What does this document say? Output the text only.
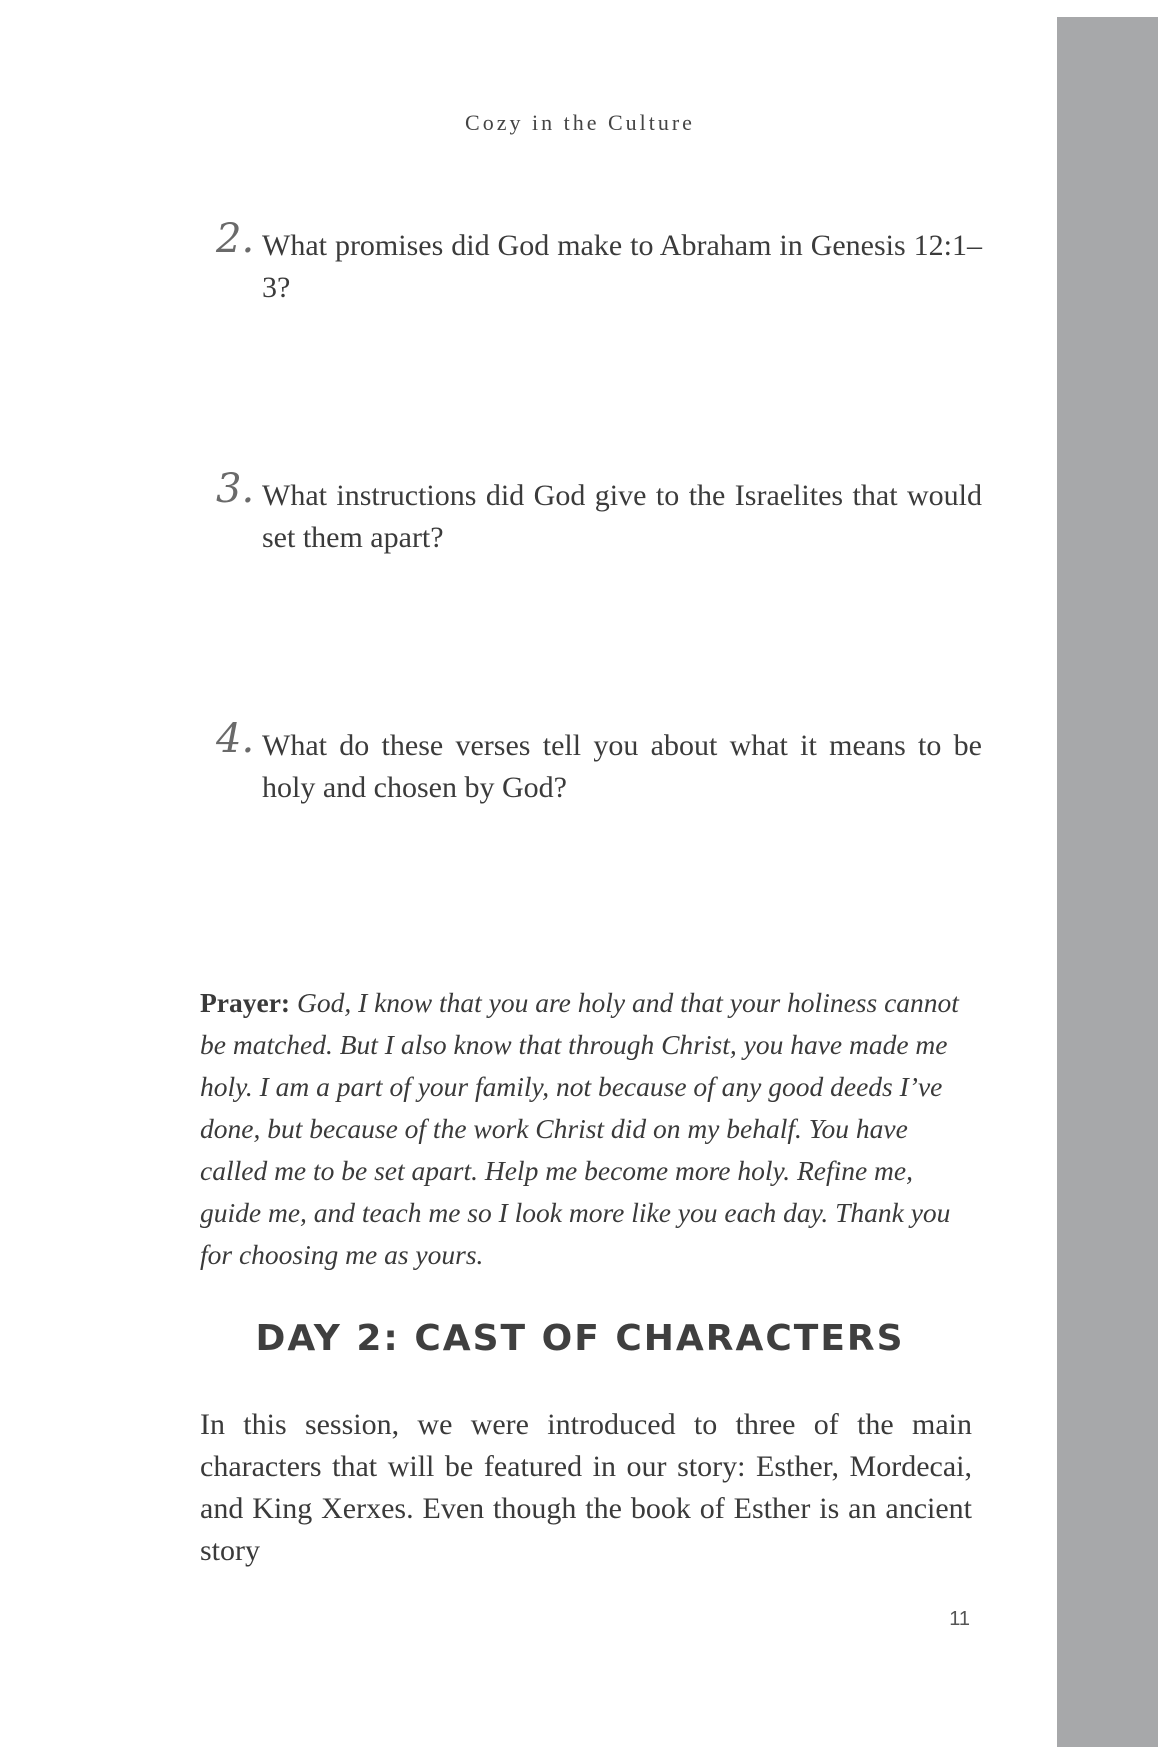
Cozy in the Culture
2. What promises did God make to Abraham in Genesis 12:1–3?
3. What instructions did God give to the Israelites that would set them apart?
4. What do these verses tell you about what it means to be holy and chosen by God?
Prayer: God, I know that you are holy and that your holiness cannot be matched. But I also know that through Christ, you have made me holy. I am a part of your family, not because of any good deeds I’ve done, but because of the work Christ did on my behalf. You have called me to be set apart. Help me become more holy. Refine me, guide me, and teach me so I look more like you each day. Thank you for choosing me as yours.
DAY 2: CAST OF CHARACTERS
In this session, we were introduced to three of the main characters that will be featured in our story: Esther, Mordecai, and King Xerxes. Even though the book of Esther is an ancient story
11
